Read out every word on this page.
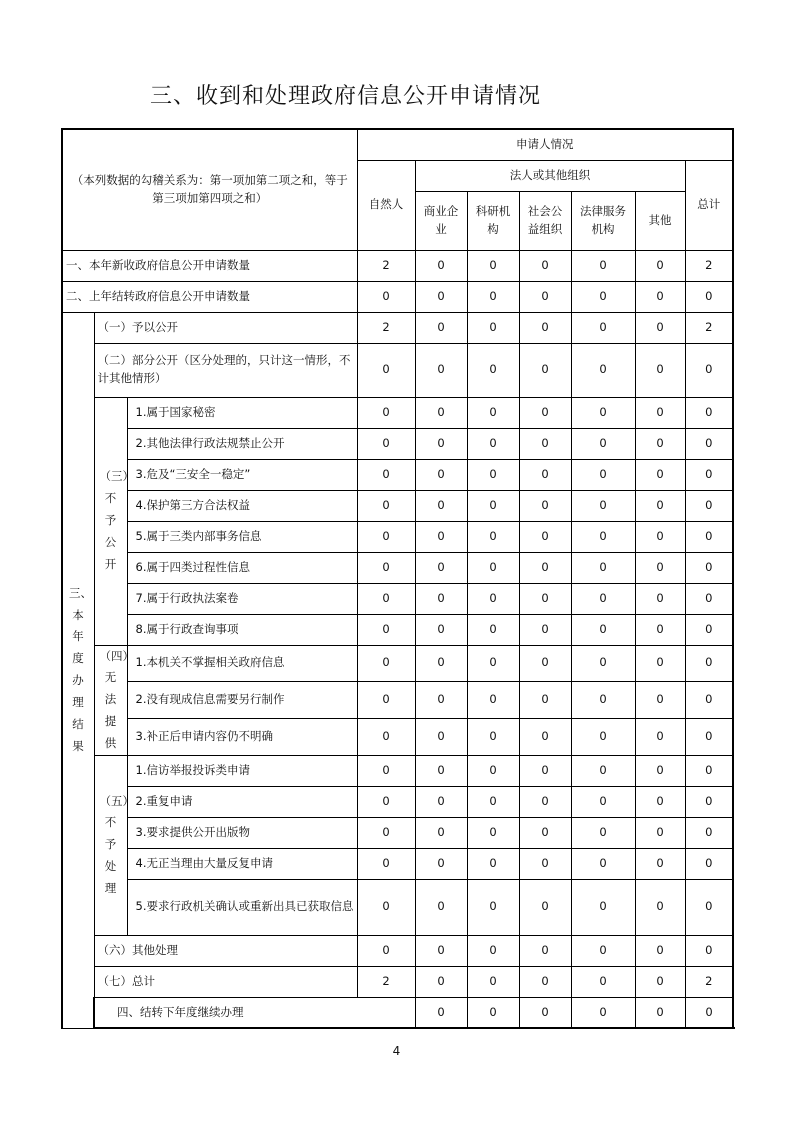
三、收到和处理政府信息公开申请情况
（本列数据的勾稽关系为：第一项加第二项之和，等于第三项加第四项之和）			申请人情况							
			自然人	法人或其他组织					总计	
				商业企业	科研机构	社会公益组织	法律服务机构	其他		
一、本年新收政府信息公开申请数量			2	0	0	0	0	0	2	
二、上年结转政府信息公开申请数量			0	0	0	0	0	0	0	
三、本年度办理结果	（一）予以公开		2	0	0	0	0	0	2	
	（二）部分公开（区分处理的，只计这一情形，不计其他情形）		0	0	0	0	0	0	0	
	（三）不予公开	1.属于国家秘密	0	0	0	0	0	0	0	
		2.其他法律行政法规禁止公开	0	0	0	0	0	0	0	
		3.危及“三安全一稳定”	0	0	0	0	0	0	0	
		4.保护第三方合法权益	0	0	0	0	0	0	0	
		5.属于三类内部事务信息	0	0	0	0	0	0	0	
		6.属于四类过程性信息	0	0	0	0	0	0	0	
		7.属于行政执法案卷	0	0	0	0	0	0	0	
		8.属于行政查询事项	0	0	0	0	0	0	0	
	（四）无法提供	1.本机关不掌握相关政府信息	0	0	0	0	0	0	0	
		2.没有现成信息需要另行制作	0	0	0	0	0	0	0	
		3.补正后申请内容仍不明确	0	0	0	0	0	0	0	
	（五）不予处理	1.信访举报投诉类申请	0	0	0	0	0	0	0	
		2.重复申请	0	0	0	0	0	0	0	
		3.要求提供公开出版物	0	0	0	0	0	0	0	
		4.无正当理由大量反复申请	0	0	0	0	0	0	0	
		5.要求行政机关确认或重新出具已获取信息	0	0	0	0	0	0	0	
	（六）其他处理		0	0	0	0	0	0	0	
	（七）总计		2	0	0	0	0	0	2	
	四、结转下年度继续办理			0	0	0	0	0	0	
4
